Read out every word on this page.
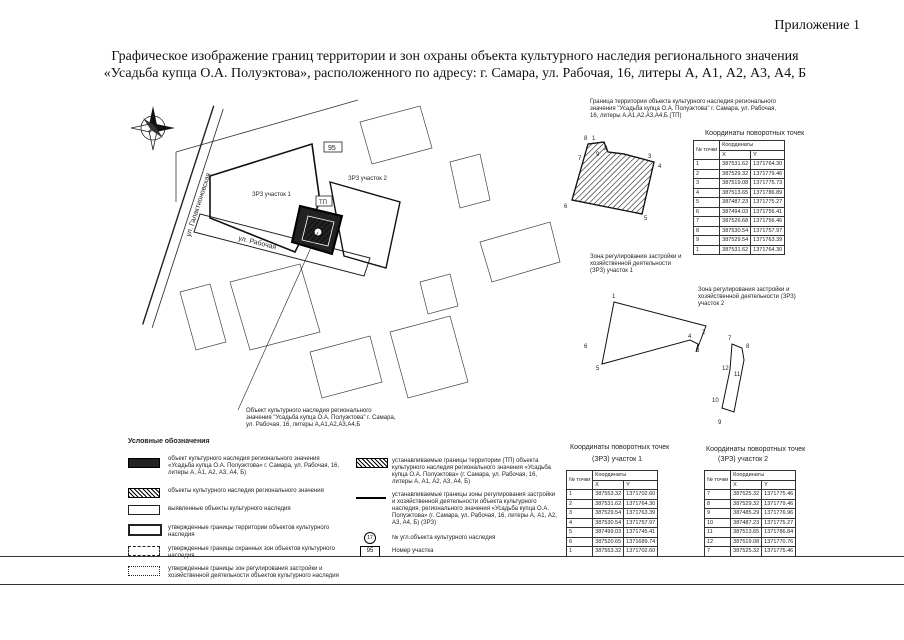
Приложение 1
Графическое изображение границ территории и зон охраны объекта культурного наследия регионального значения
«Усадьба купца О.А. Полуэктова», расположенного по адресу: г. Самара, ул. Рабочая, 16, литеры А, А1, А2, А3, А4, Б
ул. Галактионовская
ул. Рабочая
ЗРЗ участок 1
ЗРЗ участок 2
ТП
95
Объект культурного наследия регионального значения "Усадьба купца О.А. Полуэктова" г. Самара, ул. Рабочая, 16, литеры А,А1,А2,А3,А4,Б
Граница территории объекта культурного наследия регионального значения "Усадьба купца О.А. Полуэктова" г. Самара, ул. Рабочая, 16, литеры А,А1,А2,А3,А4,Б (ТП)
1
2
3
4
5
6
7
8
9
Координаты поворотных точек
№ точки	Координаты	
	X	Y
1	387531.62	1371764.30
2	387529.32	1371779.46
3	387519.08	1371775.73
4	387513.65	1371786.89
5	387487.23	1371775.27
6	387494.03	1371756.41
7	387526.68	1371756.46
8	387530.54	1371757.97
9	387529.54	1371763.39
1	387531.62	1371764.30
Зона регулирования застройки и хозяйственной деятельности (ЗРЗ) участок 1
1
2
3
4
5
6
Зона регулирования застройки и хозяйственной деятельности (ЗРЗ) участок 2
7
8
9
10
11
12
Координаты поворотных точек
(ЗРЗ) участок 1
№ точки	Координаты	
	X	Y
1	387553.32	1371702.60
2	387531.62	1371764.30
3	387529.54	1371763.39
4	387530.54	1371757.97
5	387499.03	1371745.41
6	387520.65	1371689.74
1	387553.32	1371702.60
Координаты поворотных точек
(ЗРЗ) участок 2
№ точки	Координаты	
	X	Y
7	387525.32	1371775.46
8	387529.32	1371779.46
9	387485.29	1371776.96
10	387487.23	1371775.27
11	387513.65	1371786.84
12	387519.08	1371770.76
7	387525.32	1371775.46
Условные обозначения
объект культурного наследия регионального значения «Усадьба купца О.А. Полуэктова» г. Самара, ул. Рабочая, 16, литеры А, А1, А2, А3, А4, Б)
объекты культурного наследия регионального значения
выявленные объекты культурного наследия
утвержденные границы территории объектов культурного наследия
утвержденные границы охранных зон объектов культурного наследия
утвержденные границы зон регулирования застройки и хозяйственной деятельности объектов культурного наследия
устанавливаемые границы территории (ТП) объекта культурного наследия регионального значения «Усадьба купца О.А. Полуэктова» (г. Самара, ул. Рабочая, 16, литеры А, А1, А2, А3, А4, Б)
устанавливаемые границы зоны регулирования застройки и хозяйственной деятельности объекта культурного наследия, регионального значения «Усадьба купца О.А. Полуэктова» (г. Самара, ул. Рабочая, 16, литеры А, А1, А2, А3, А4, Б) (ЗРЗ)
17	№ угл.объекта культурного наследия
95	Номер участка
